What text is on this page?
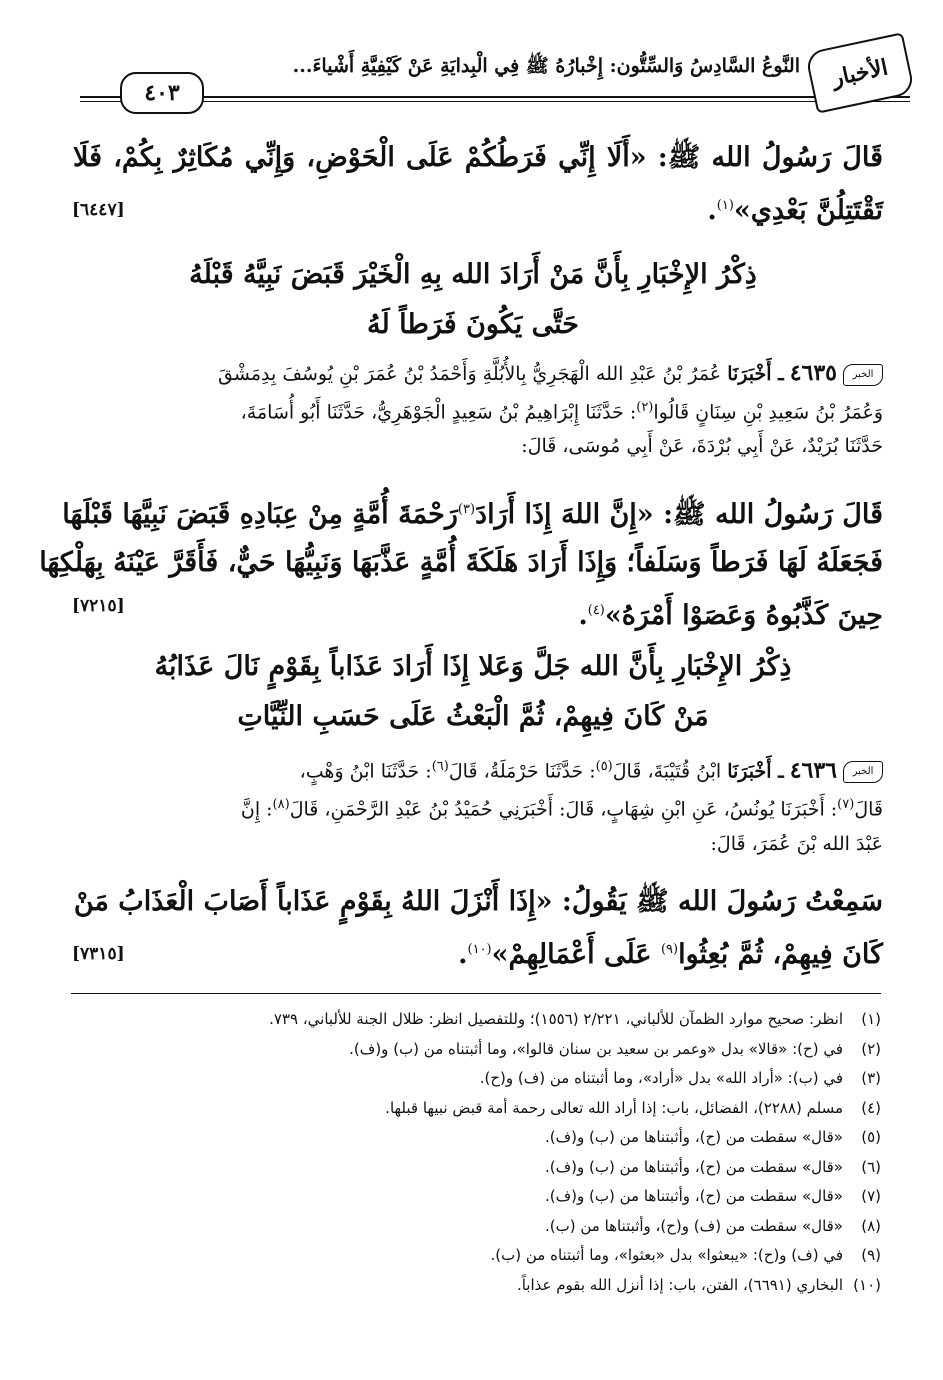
الأخبار
النَّوعُ السَّادِسُ وَالسِّتُّون: إِخْبارُهُ ﷺ فِي الْبِدايَةِ عَنْ كَيْفِيَّةِ أَشْياءَ...
٤٠٣
قَالَ رَسُولُ الله ﷺ: «أَلَا إِنِّي فَرَطُكُمْ عَلَى الْحَوْضِ، وَإِنِّي مُكَاثِرٌ بِكُمْ، فَلَا
تَقْتَتِلُنَّ بَعْدِي»$^{(١)}$.
[٦٤٤٧]
ذِكْرُ الإِخْبَارِ بِأَنَّ مَنْ أَرَادَ الله بِهِ الْخَيْرَ قَبَضَ نَبِيَّهُ قَبْلَهُ
حَتَّى يَكُونَ فَرَطاً لَهُ
الخبر٤٦٣٥ ـ أَخْبَرَنَا عُمَرُ بْنُ عَبْدِ الله الْهَجَرِيُّ بِالأُبُلَّةِ وَأَحْمَدُ بْنُ عُمَرَ بْنِ يُوسُفَ بِدِمَشْقَ
وَعُمَرُ بْنُ سَعِيدِ بْنِ سِنَانٍ قَالُوا$^{(٢)}$: حَدَّثَنَا إِبْرَاهِيمُ بْنُ سَعِيدٍ الْجَوْهَرِيُّ، حَدَّثَنَا أَبُو أُسَامَةَ،
حَدَّثَنَا بُرَيْدٌ، عَنْ أَبِي بُرْدَةَ، عَنْ أَبِي مُوسَى، قَالَ:
قَالَ رَسُولُ الله ﷺ: «إِنَّ اللهَ إِذَا أَرَادَ$^{(٣)}$رَحْمَةَ أُمَّةٍ مِنْ عِبَادِهِ قَبَضَ نَبِيَّهَا قَبْلَهَا
فَجَعَلَهُ لَهَا فَرَطاً وَسَلَفاً؛ وَإِذَا أَرَادَ هَلَكَةَ أُمَّةٍ عَذَّبَهَا وَنَبِيُّهَا حَيٌّ، فَأَقَرَّ عَيْنَهُ بِهَلْكِهَا
حِينَ كَذَّبُوهُ وَعَصَوْا أَمْرَهُ»$^{(٤)}$.
[٧٢١٥]
ذِكْرُ الإِخْبَارِ بِأَنَّ الله جَلَّ وَعَلا إِذَا أَرَادَ عَذَاباً بِقَوْمٍ نَالَ عَذَابُهُ
مَنْ كَانَ فِيهِمْ، ثُمَّ الْبَعْثُ عَلَى حَسَبِ النِّيَّاتِ
الخبر٤٦٣٦ ـ أَخْبَرَنَا ابْنُ قُتَيْبَةَ، قَالَ$^{(٥)}$: حَدَّثَنَا حَرْمَلَةُ، قَالَ$^{(٦)}$: حَدَّثَنَا ابْنُ وَهْبٍ،
قَالَ$^{(٧)}$: أَخْبَرَنَا يُونُسُ، عَنِ ابْنِ شِهَابٍ، قَالَ: أَخْبَرَنِي حُمَيْدُ بْنُ عَبْدِ الرَّحْمَنِ، قَالَ$^{(٨)}$: إِنَّ
عَبْدَ الله بْنَ عُمَرَ، قَالَ:
سَمِعْتُ رَسُولَ الله ﷺ يَقُولُ: «إِذَا أَنْزَلَ اللهُ بِقَوْمٍ عَذَاباً أَصَابَ الْعَذَابُ مَنْ
كَانَ فِيهِمْ، ثُمَّ بُعِثُوا$^{(٩)}$ عَلَى أَعْمَالِهِمْ»$^{(١٠)}$.
[٧٣١٥]
(١)
انظر: صحيح موارد الظمآن للألباني، ٢/٢٢١ (١٥٥٦)؛ وللتفصيل انظر: ظلال الجنة للألباني، ٧٣٩.
(٢)
في (ح): «قالا» بدل «وعمر بن سعيد بن سنان قالوا»، وما أثبتناه من (ب) و(ف).
(٣)
في (ب): «أراد الله» بدل «أراد»، وما أثبتناه من (ف) و(ح).
(٤)
مسلم (٢٢٨٨)، الفضائل، باب: إذا أراد الله تعالى رحمة أمة قبض نبيها قبلها.
(٥)
«قال» سقطت من (ح)، وأثبتناها من (ب) و(ف).
(٦)
«قال» سقطت من (ح)، وأثبتناها من (ب) و(ف).
(٧)
«قال» سقطت من (ح)، وأثبتناها من (ب) و(ف).
(٨)
«قال» سقطت من (ف) و(ح)، وأثبتناها من (ب).
(٩)
في (ف) و(ح): «يبعثوا» بدل «بعثوا»، وما أثبتناه من (ب).
(١٠)
البخاري (٦٦٩١)، الفتن، باب: إذا أنزل الله بقوم عذاباً.
